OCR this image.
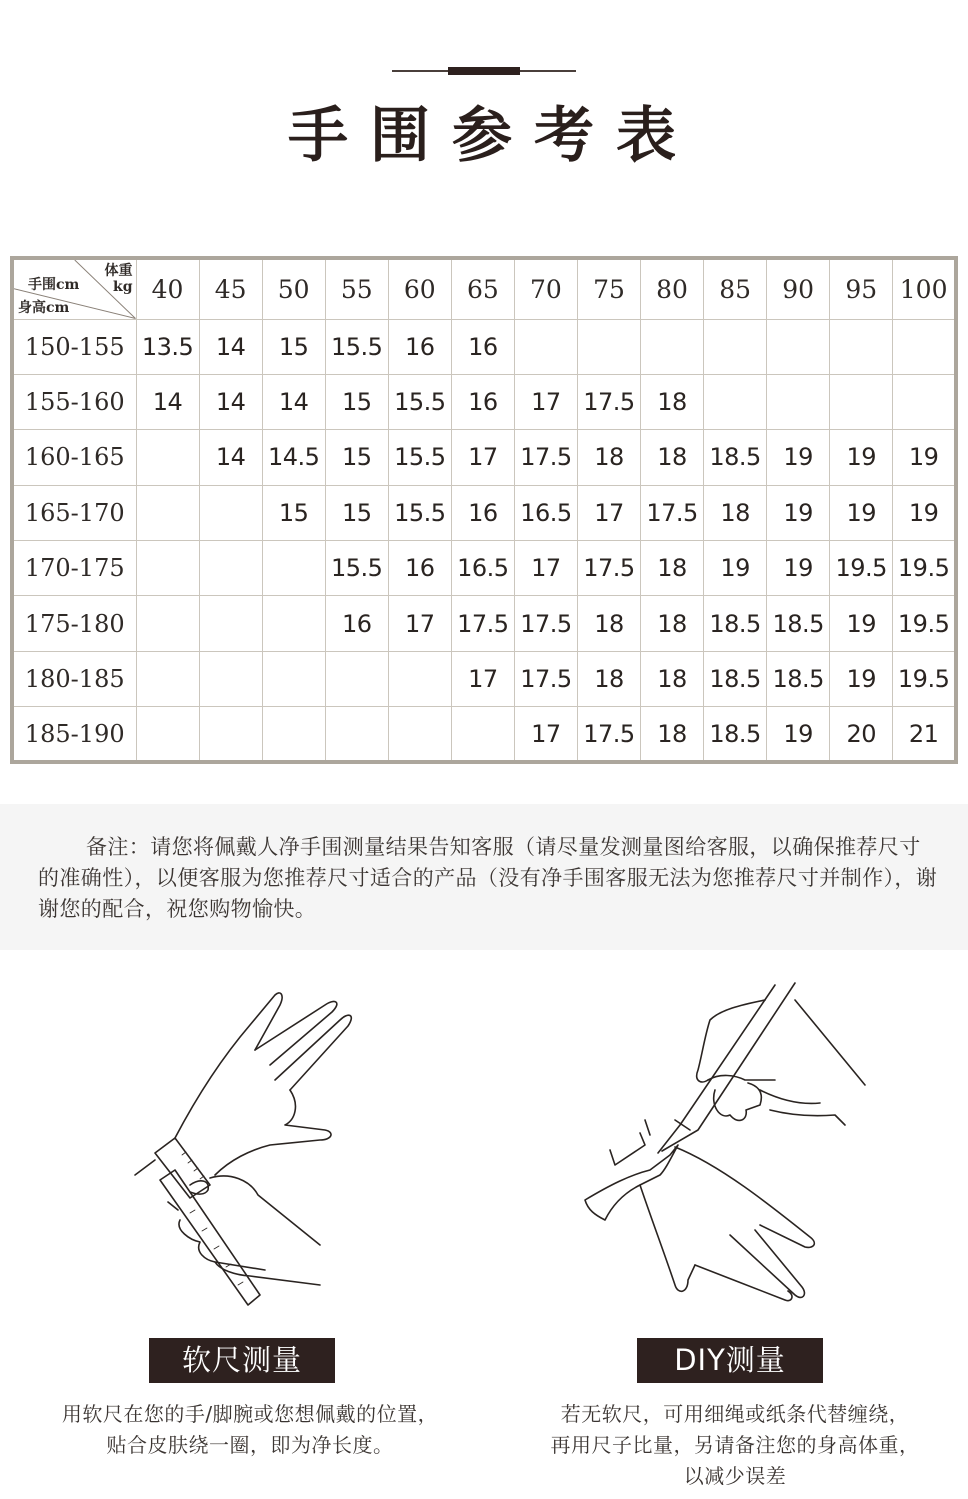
手围参考表
体重
kg
手围cm
身高cm	40	45	50	55	60	65	70	75	80	85	90	95	100
150-155	13.5	14	15	15.5	16	16							
155-160	14	14	14	15	15.5	16	17	17.5	18				
160-165		14	14.5	15	15.5	17	17.5	18	18	18.5	19	19	19
165-170			15	15	15.5	16	16.5	17	17.5	18	19	19	19
170-175				15.5	16	16.5	17	17.5	18	19	19	19.5	19.5
175-180				16	17	17.5	17.5	18	18	18.5	18.5	19	19.5
180-185						17	17.5	18	18	18.5	18.5	19	19.5
185-190							17	17.5	18	18.5	19	20	21

备注：请您将佩戴人净手围测量结果告知客服（请尽量发测量图给客服，以确保推荐尺寸的准确性），以便客服为您推荐尺寸适合的产品（没有净手围客服无法为您推荐尺寸并制作），谢谢您的配合，祝您购物愉快。

软尺测量
用软尺在您的手/脚腕或您想佩戴的位置，
贴合皮肤绕一圈，即为净长度。
DIY测量
若无软尺，可用细绳或纸条代替缠绕，
再用尺子比量，另请备注您的身高体重，
以减少误差
